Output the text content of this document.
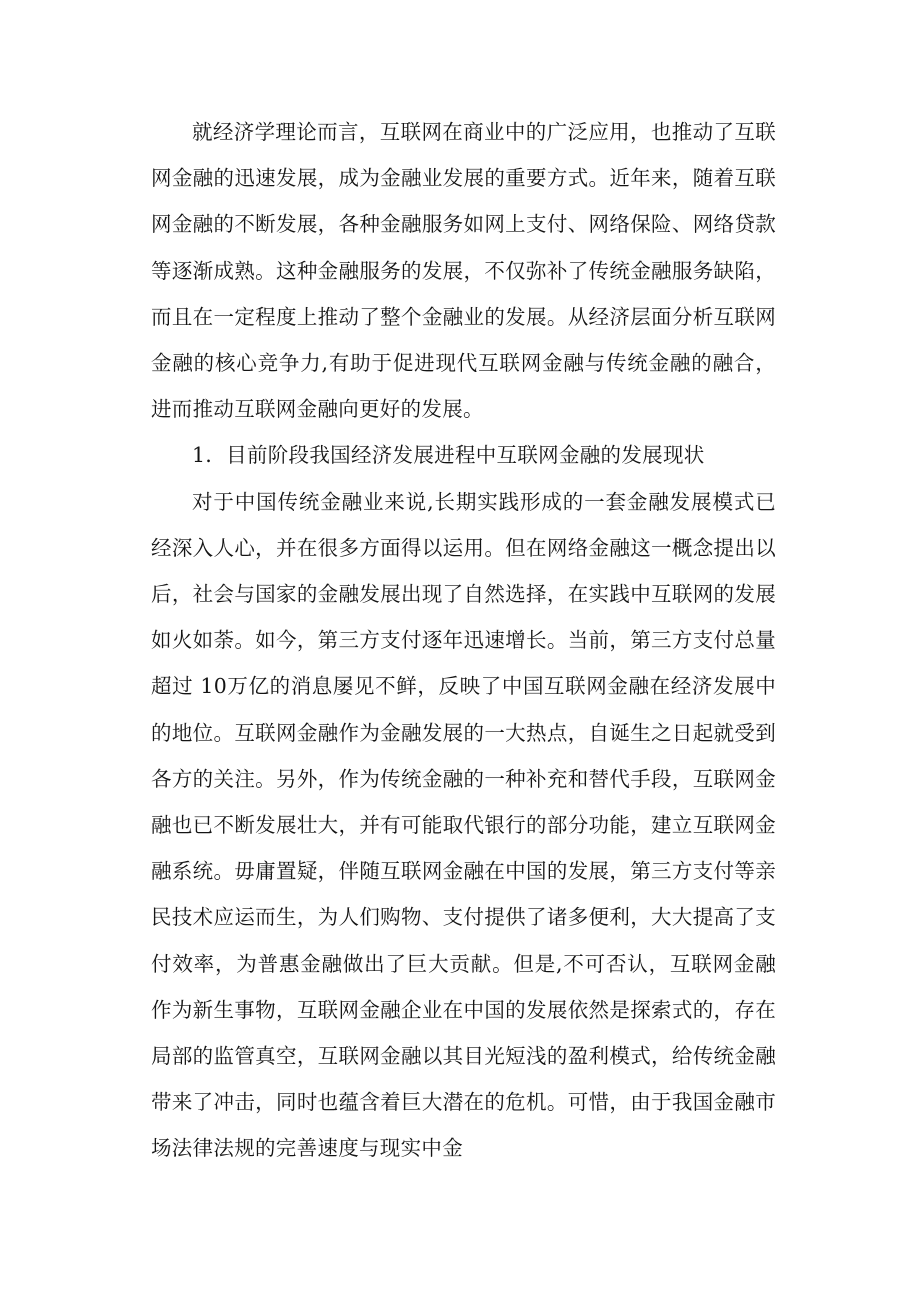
就经济学理论而言，互联网在商业中的广泛应用，也推动了互联网金融的迅速发展，成为金融业发展的重要方式。近年来，随着互联网金融的不断发展，各种金融服务如网上支付、网络保险、网络贷款等逐渐成熟。这种金融服务的发展，不仅弥补了传统金融服务缺陷，而且在一定程度上推动了整个金融业的发展。从经济层面分析互联网金融的核心竞争力,有助于促进现代互联网金融与传统金融的融合，进而推动互联网金融向更好的发展。

1．目前阶段我国经济发展进程中互联网金融的发展现状

对于中国传统金融业来说,长期实践形成的一套金融发展模式已经深入人心，并在很多方面得以运用。但在网络金融这一概念提出以后，社会与国家的金融发展出现了自然选择，在实践中互联网的发展如火如荼。如今，第三方支付逐年迅速增长。当前，第三方支付总量超过 10万亿的消息屡见不鲜，反映了中国互联网金融在经济发展中的地位。互联网金融作为金融发展的一大热点，自诞生之日起就受到各方的关注。另外，作为传统金融的一种补充和替代手段，互联网金融也已不断发展壮大，并有可能取代银行的部分功能，建立互联网金融系统。毋庸置疑，伴随互联网金融在中国的发展，第三方支付等亲民技术应运而生，为人们购物、支付提供了诸多便利，大大提高了支付效率，为普惠金融做出了巨大贡献。但是,不可否认，互联网金融作为新生事物，互联网金融企业在中国的发展依然是探索式的，存在局部的监管真空，互联网金融以其目光短浅的盈利模式，给传统金融带来了冲击，同时也蕴含着巨大潜在的危机。可惜，由于我国金融市场法律法规的完善速度与现实中金
